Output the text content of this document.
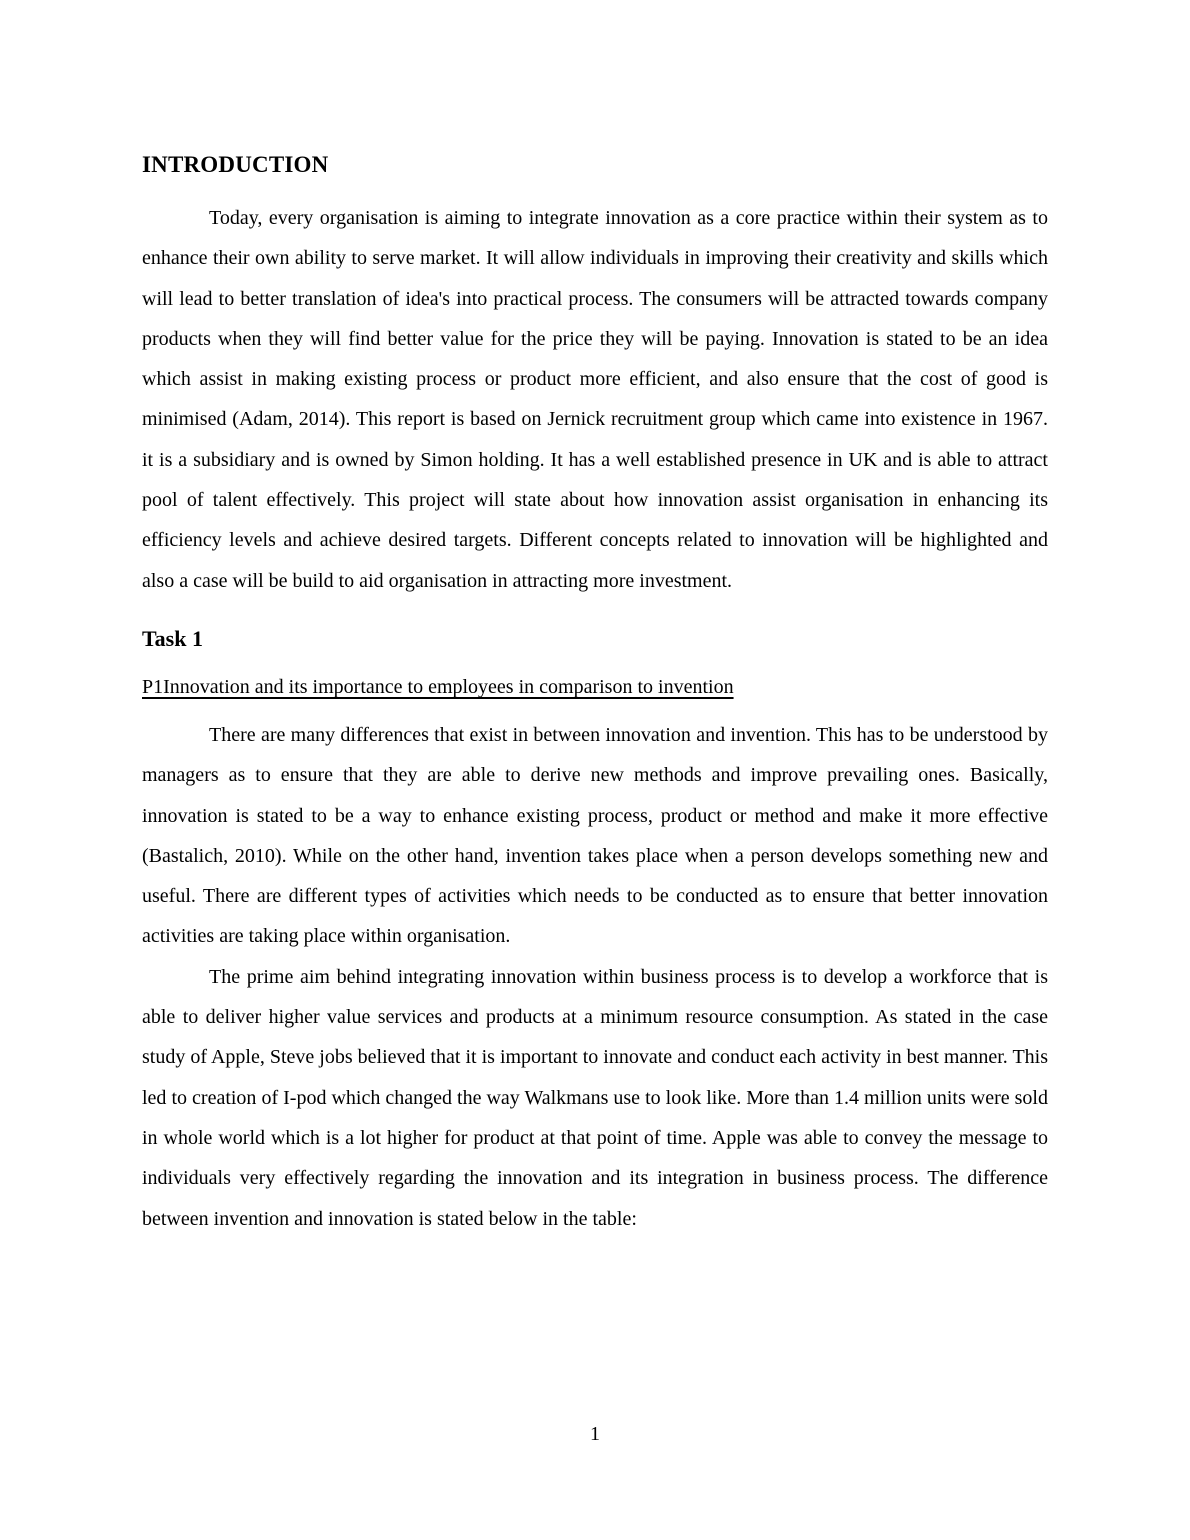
INTRODUCTION

Today, every organisation is aiming to integrate innovation as a core practice within their system as to enhance their own ability to serve market. It will allow individuals in improving their creativity and skills which will lead to better translation of idea's into practical process. The consumers will be attracted towards company products when they will find better value for the price they will be paying. Innovation is stated to be an idea which assist in making existing process or product more efficient, and also ensure that the cost of good is minimised (Adam, 2014). This report is based on Jernick recruitment group which came into existence in 1967. it is a subsidiary and is owned by Simon holding. It has a well established presence in UK and is able to attract pool of talent effectively. This project will state about how innovation assist organisation in enhancing its efficiency levels and achieve desired targets. Different concepts related to innovation will be highlighted and also a case will be build to aid organisation in attracting more investment.

Task 1
P1Innovation and its importance to employees in comparison to invention

There are many differences that exist in between innovation and invention. This has to be understood by managers as to ensure that they are able to derive new methods and improve prevailing ones. Basically, innovation is stated to be a way to enhance existing process, product or method and make it more effective (Bastalich, 2010). While on the other hand, invention takes place when a person develops something new and useful. There are different types of activities which needs to be conducted as to ensure that better innovation activities are taking place within organisation.

The prime aim behind integrating innovation within business process is to develop a workforce that is able to deliver higher value services and products at a minimum resource consumption. As stated in the case study of Apple, Steve jobs believed that it is important to innovate and conduct each activity in best manner. This led to creation of I-pod which changed the way Walkmans use to look like. More than 1.4 million units were sold in whole world which is a lot higher for product at that point of time. Apple was able to convey the message to individuals very effectively regarding the innovation and its integration in business process. The difference between invention and innovation is stated below in the table:

1
